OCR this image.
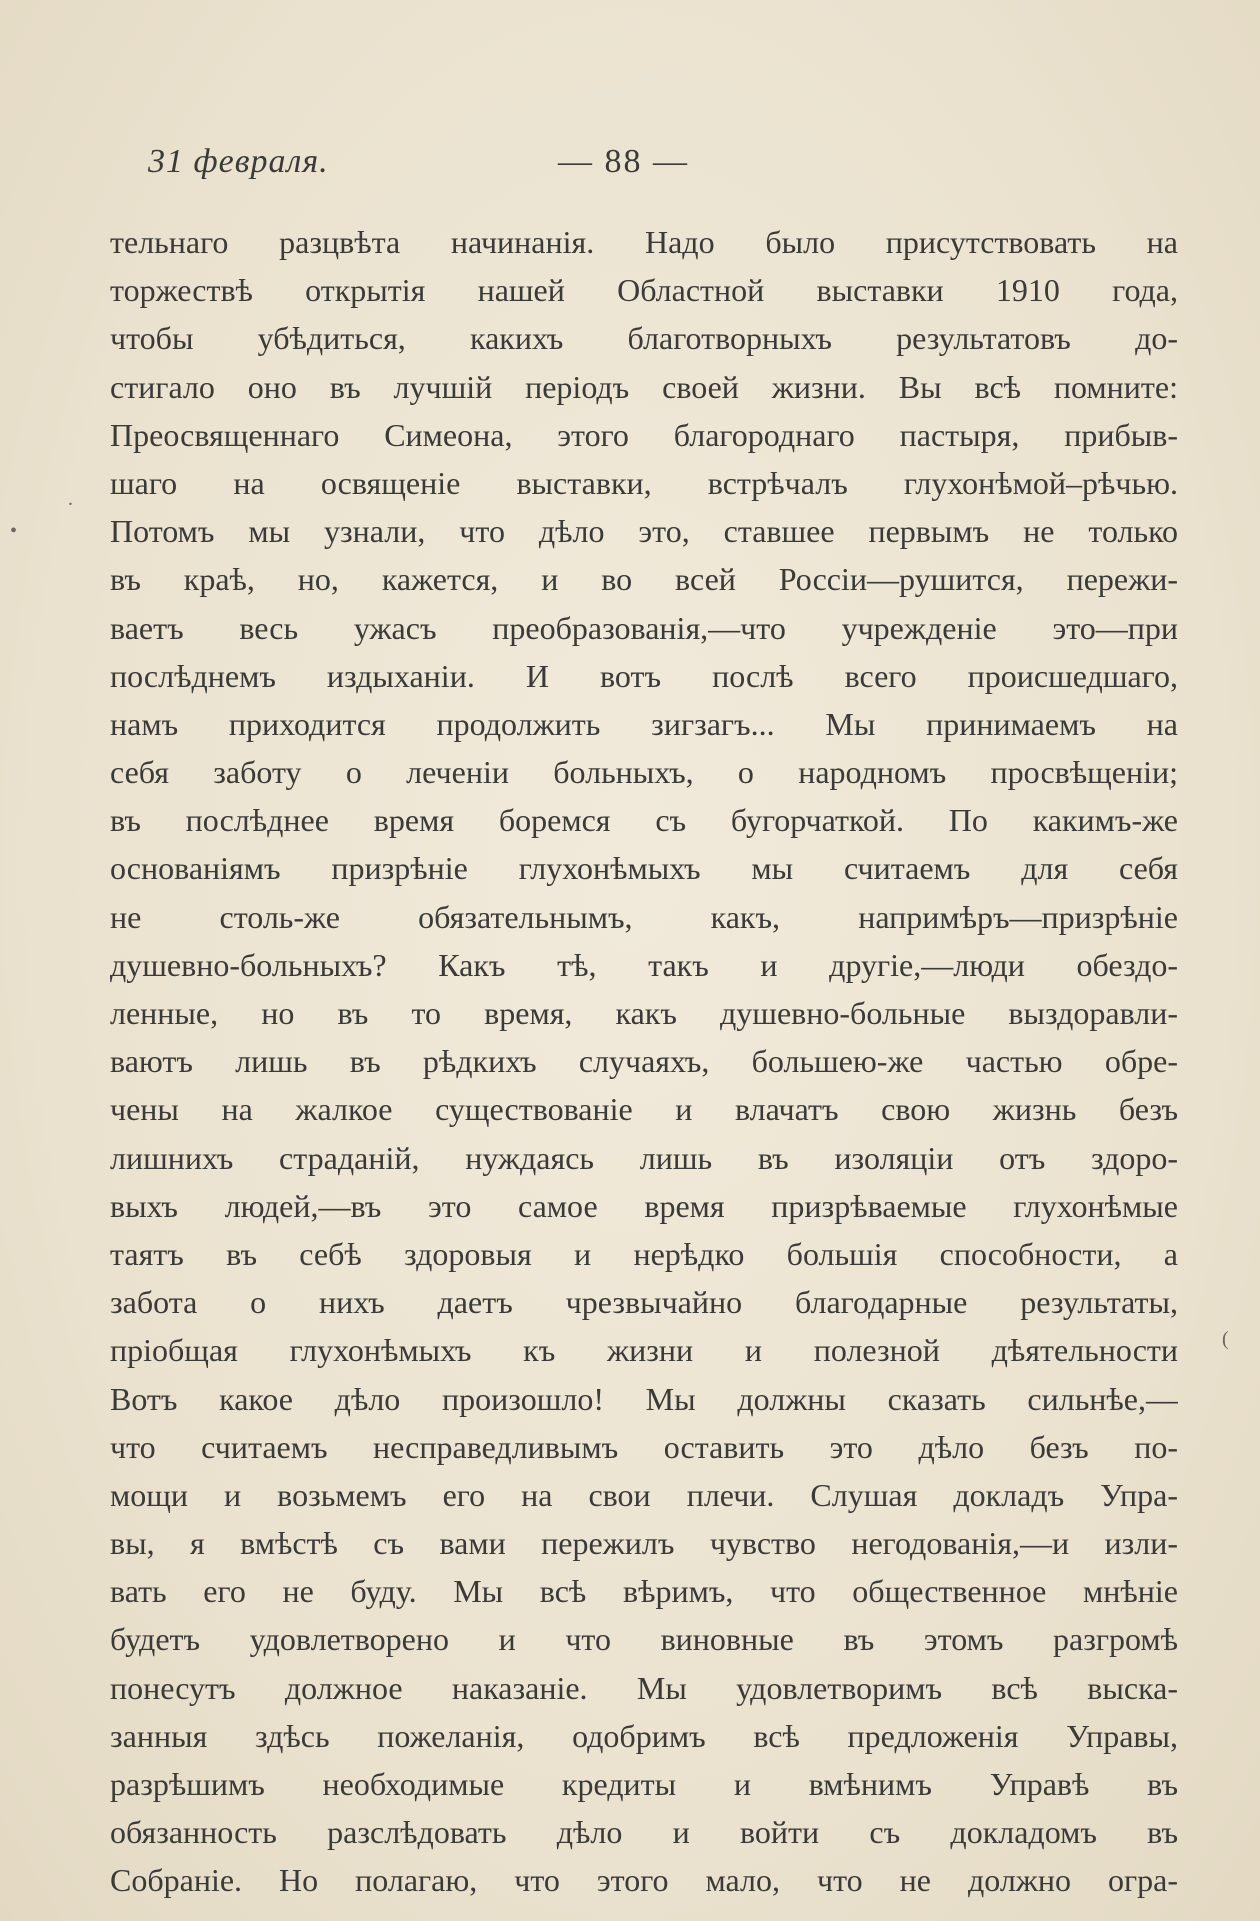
31 февраля.	— 88 —
.
•
(
тельнаго разцвѣта начинанія. Надо было присутствовать на
торжествѣ открытія нашей Областной выставки 1910 года,
чтобы убѣдиться, какихъ благотворныхъ результатовъ до-
стигало оно въ лучшій періодъ своей жизни. Вы всѣ помните:
Преосвященнаго Симеона, этого благороднаго пастыря, прибыв-
шаго на освященіе выставки, встрѣчалъ глухонѣмой–рѣчью.
Потомъ мы узнали, что дѣло это, ставшее первымъ не только
въ краѣ, но, кажется, и во всей Россіи—рушится, пережи-
ваетъ весь ужасъ преобразованія,—что учрежденіе это—при
послѣднемъ издыханіи. И вотъ послѣ всего происшедшаго,
намъ приходится продолжить зигзагъ... Мы принимаемъ на
себя заботу о леченіи больныхъ, о народномъ просвѣщеніи;
въ послѣднее время боремся съ бугорчаткой. По какимъ-же
основаніямъ призрѣніе глухонѣмыхъ мы считаемъ для себя
не столь-же обязательнымъ, какъ, напримѣръ—призрѣніе
душевно-больныхъ? Какъ тѣ, такъ и другіе,—люди обездо-
ленные, но въ то время, какъ душевно-больные выздоравли-
ваютъ лишь въ рѣдкихъ случаяхъ, большею-же частью обре-
чены на жалкое существованіе и влачатъ свою жизнь безъ
лишнихъ страданій, нуждаясь лишь въ изоляціи отъ здоро-
выхъ людей,—въ это самое время призрѣваемые глухонѣмые
таятъ въ себѣ здоровыя и нерѣдко большія способности, а
забота о нихъ даетъ чрезвычайно благодарные результаты,
пріобщая глухонѣмыхъ къ жизни и полезной дѣятельности
Вотъ какое дѣло произошло! Мы должны сказать сильнѣе,—
что считаемъ несправедливымъ оставить это дѣло безъ по-
мощи и возьмемъ его на свои плечи. Слушая докладъ Упра-
вы, я вмѣстѣ съ вами пережилъ чувство негодованія,—и изли-
вать его не буду. Мы всѣ вѣримъ, что общественное мнѣніе
будетъ удовлетворено и что виновные въ этомъ разгромѣ
понесутъ должное наказаніе. Мы удовлетворимъ всѣ выска-
занныя здѣсь пожеланія, одобримъ всѣ предложенія Управы,
разрѣшимъ необходимые кредиты и вмѣнимъ Управѣ въ
обязанность разслѣдовать дѣло и войти съ докладомъ въ
Собраніе. Но полагаю, что этого мало, что не должно огра-
